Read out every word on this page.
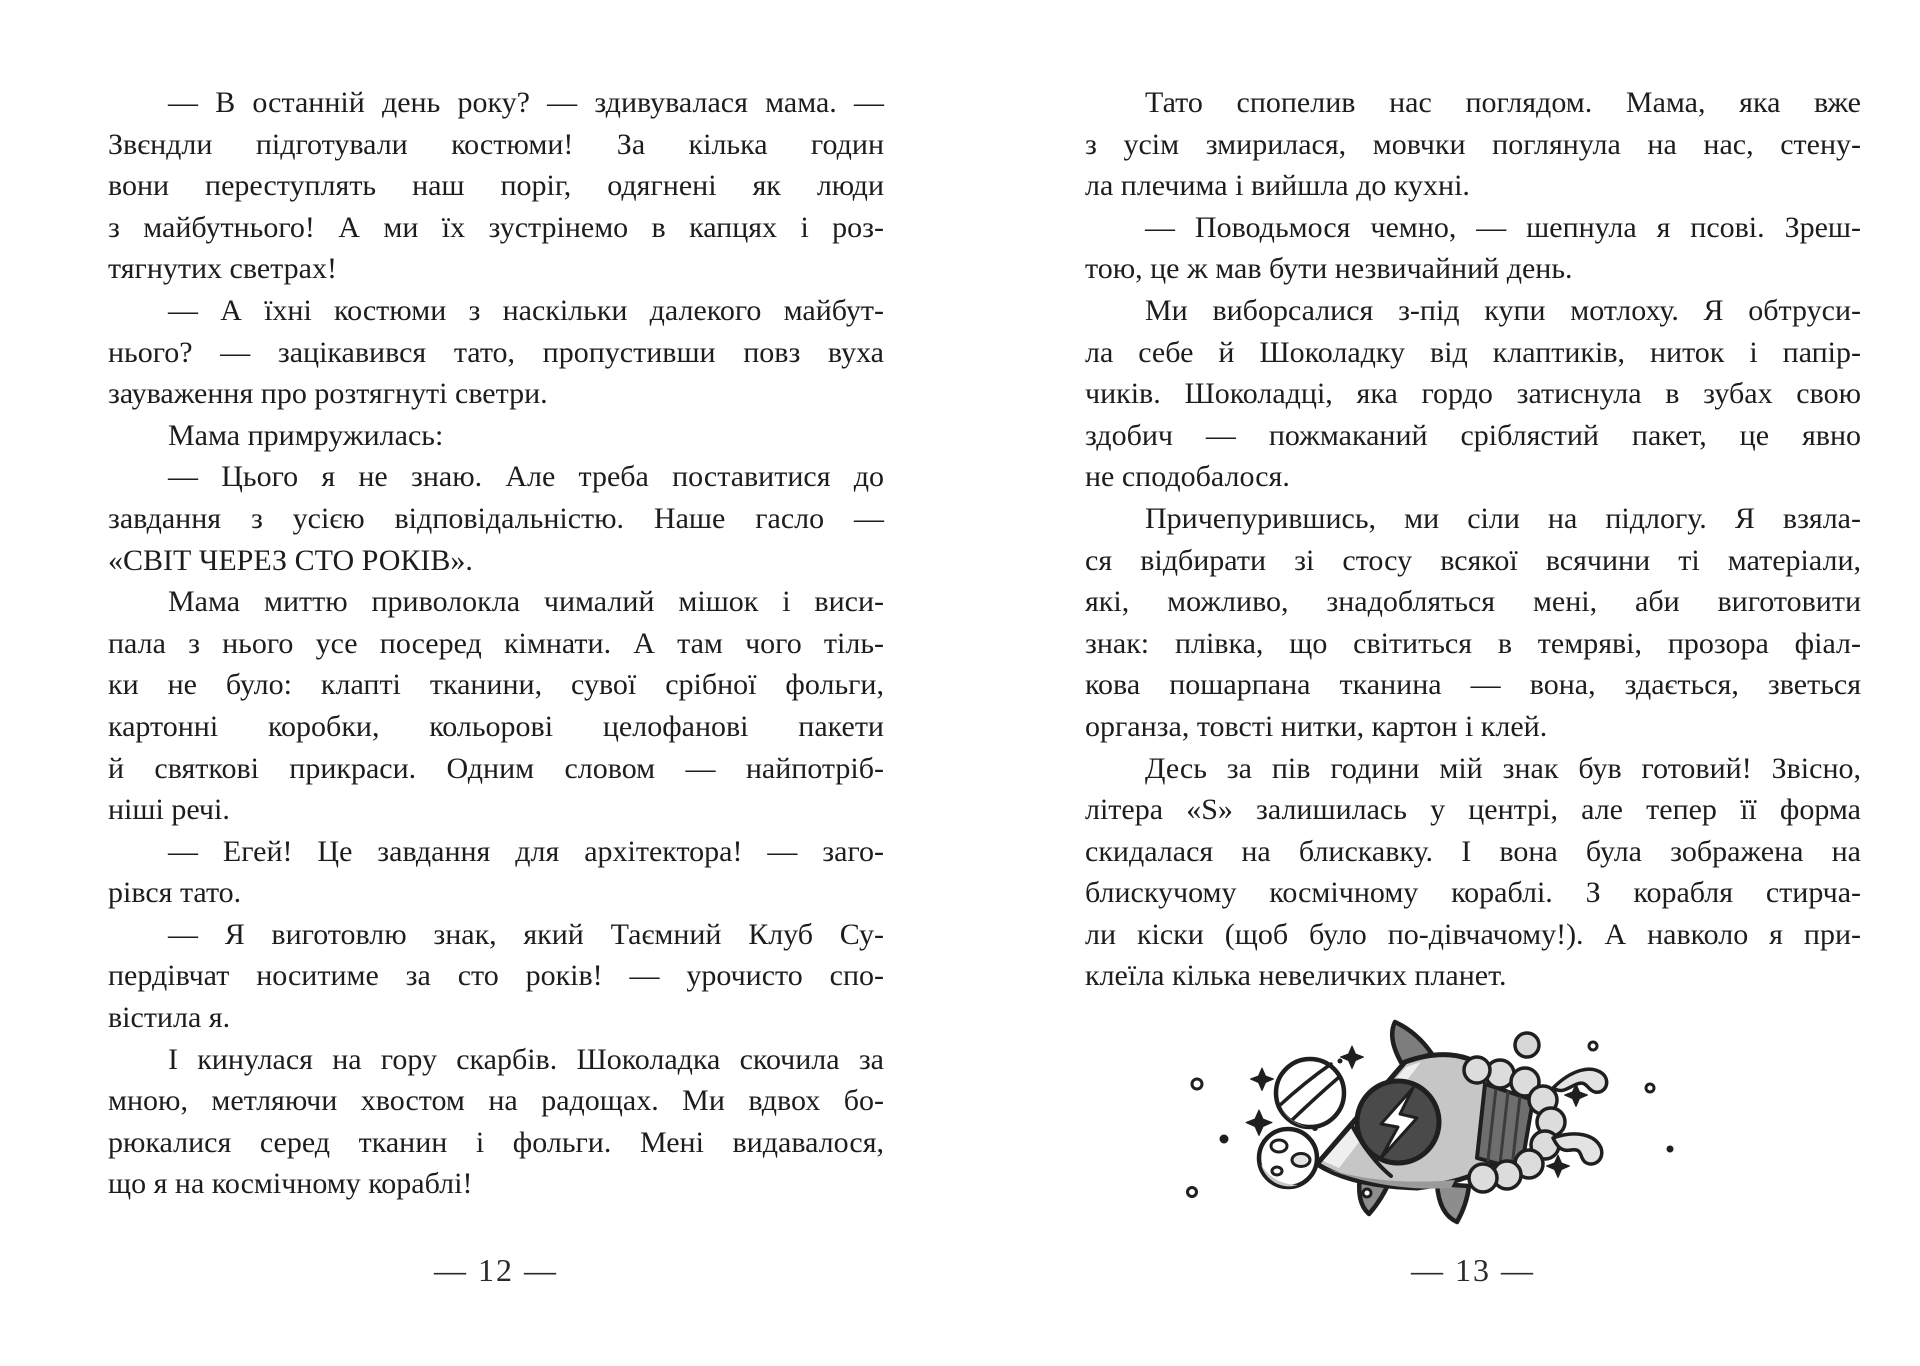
— В останній день року? — здивувалася мама. —
Звєндли підготували костюми! За кілька годин
вони переступлять наш поріг, одягнені як люди
з майбутнього! А ми їх зустрінемо в капцях і роз-
тягнутих светрах!
— А їхні костюми з наскільки далекого майбут-
нього? — зацікавився тато, пропустивши повз вуха
зауваження про розтягнуті светри.
Мама примружилась:
— Цього я не знаю. Але треба поставитися до
завдання з усією відповідальністю. Наше гасло —
«СВІТ ЧЕРЕЗ СТО РОКІВ».
Мама миттю приволокла чималий мішок і виси-
пала з нього усе посеред кімнати. А там чого тіль-
ки не було: клапті тканини, сувої срібної фольги,
картонні коробки, кольорові целофанові пакети
й святкові прикраси. Одним словом — найпотріб-
ніші речі.
— Егей! Це завдання для архітектора! — заго-
рівся тато.
— Я виготовлю знак, який Таємний Клуб Су-
пердівчат носитиме за сто років! — урочисто спо-
вістила я.
І кинулася на гору скарбів. Шоколадка скочила за
мною, метляючи хвостом на радощах. Ми вдвох бо-
рюкалися серед тканин і фольги. Мені видавалося,
що я на космічному кораблі!
Тато спопелив нас поглядом. Мама, яка вже
з усім змирилася, мовчки поглянула на нас, стену-
ла плечима і вийшла до кухні.
— Поводьмося чемно, — шепнула я псові. Зреш-
тою, це ж мав бути незвичайний день.
Ми виборсалися з-під купи мотлоху. Я обтруси-
ла себе й Шоколадку від клаптиків, ниток і папір-
чиків. Шоколадці, яка гордо затиснула в зубах свою
здобич — пожмаканий сріблястий пакет, це явно
не сподобалося.
Причепурившись, ми сіли на підлогу. Я взяла-
ся відбирати зі стосу всякої всячини ті матеріали,
які, можливо, знадобляться мені, аби виготовити
знак: плівка, що світиться в темряві, прозора фіал-
кова пошарпана тканина — вона, здається, зветься
органза, товсті нитки, картон і клей.
Десь за пів години мій знак був готовий! Звісно,
літера «S» залишилась у центрі, але тепер її форма
скидалася на блискавку. І вона була зображена на
блискучому космічному кораблі. З корабля стирча-
ли кіски (щоб було по-дівчачому!). А навколо я при-
клеїла кілька невеличких планет.
— 12 —	— 13 —
